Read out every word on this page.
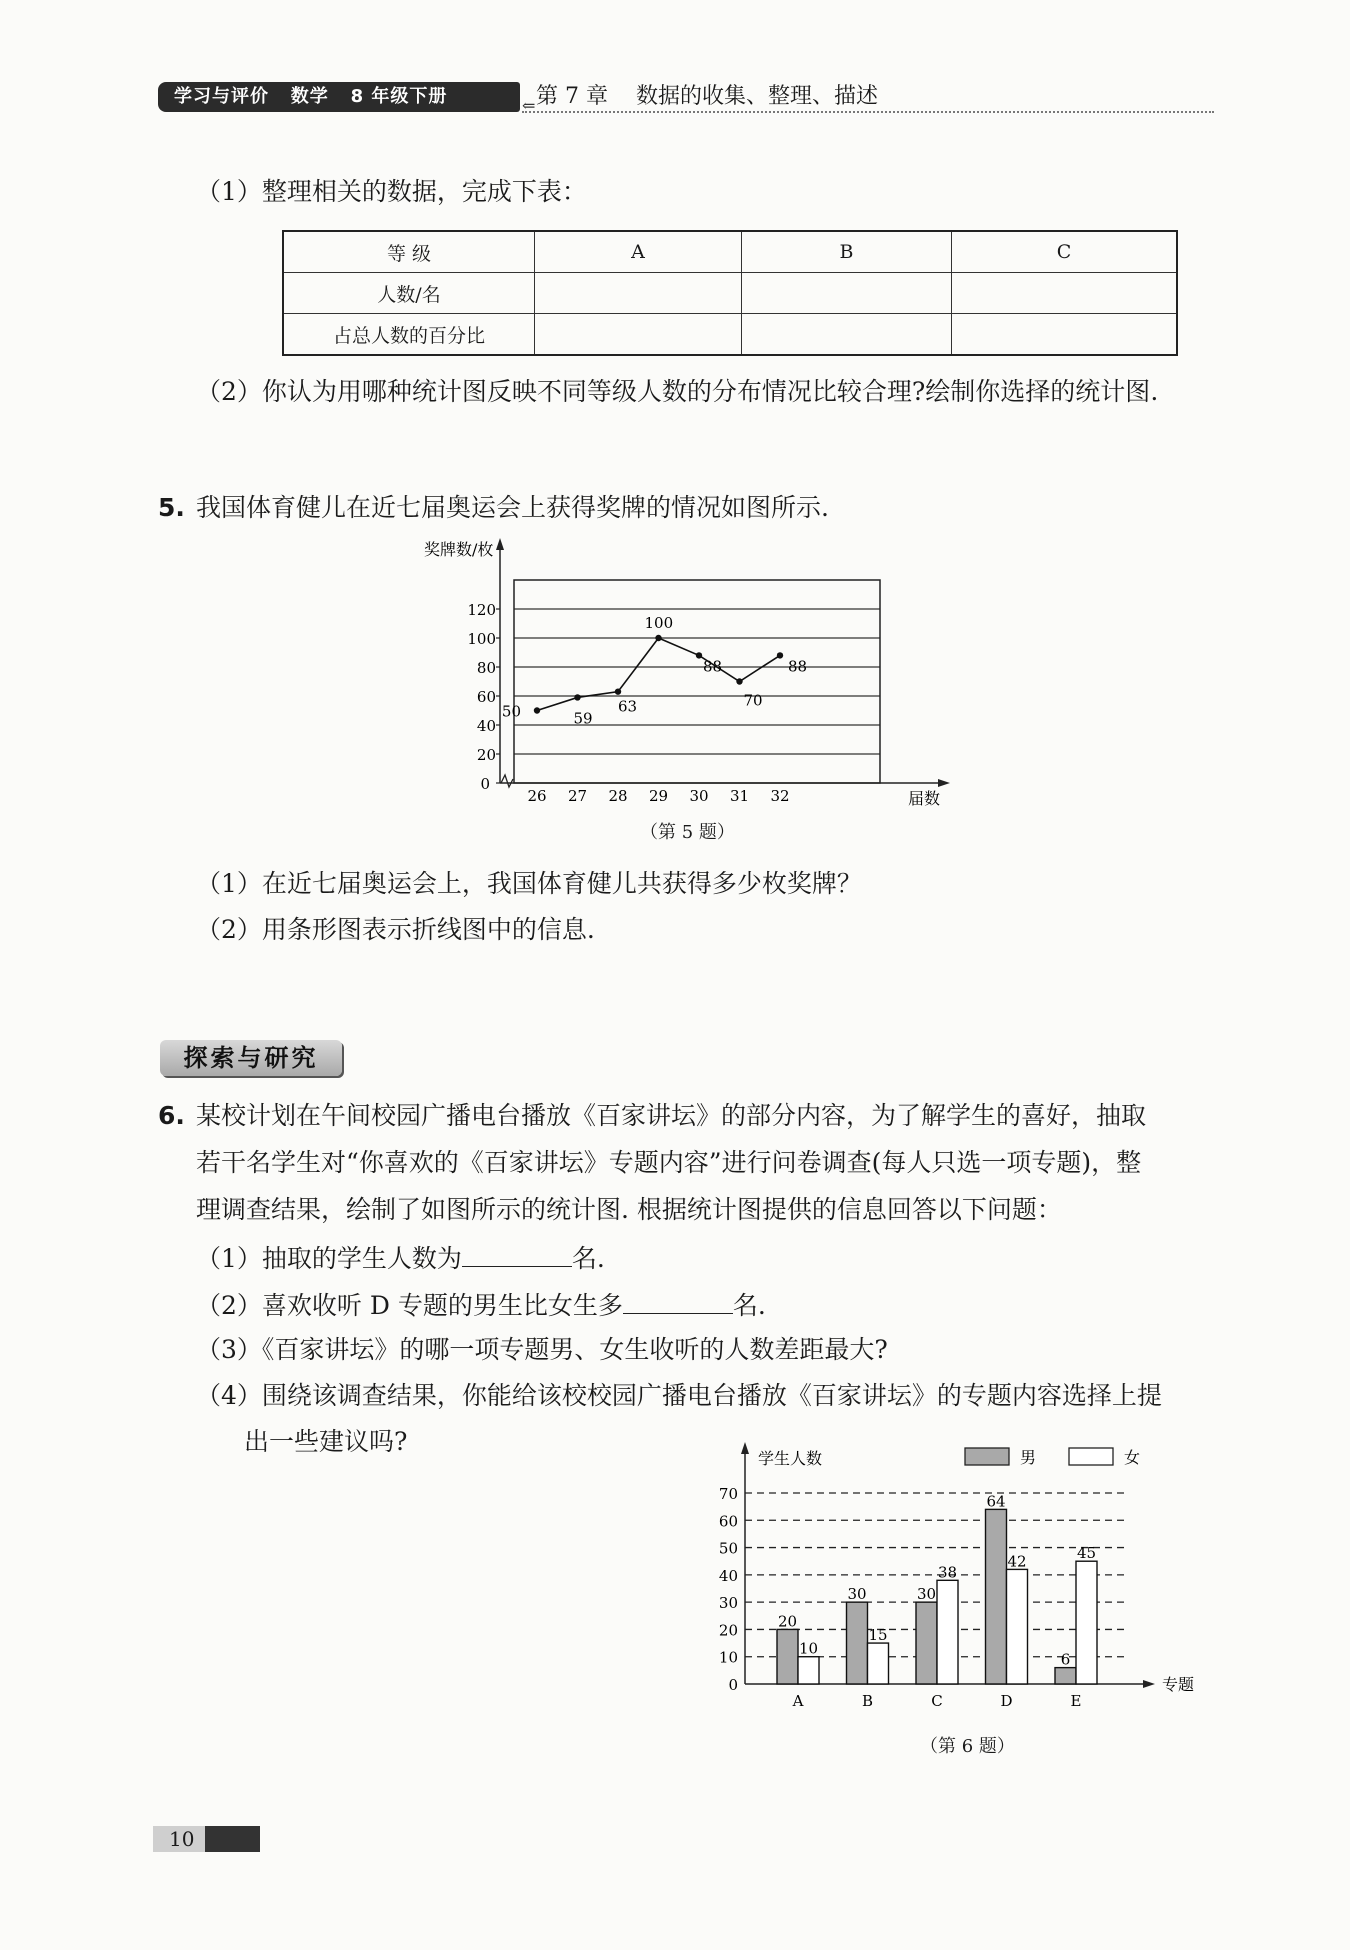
学习与评价   数学   8 年级下册	⇐ 第 7 章    数据的收集、整理、描述
（1）整理相关的数据，完成下表：
等 级	A	B	C
人数/名			
占总人数的百分比			
（2）你认为用哪种统计图反映不同等级人数的分布情况比较合理?绘制你选择的统计图.
5. 我国体育健儿在近七届奥运会上获得奖牌的情况如图所示.
奖牌数/枚
届数
0
20
40
60
80
100
120
26 27 28 29 30 31 32
50	59
63
100
88
70
88
（第 5 题）
（1）在近七届奥运会上，我国体育健儿共获得多少枚奖牌？
（2）用条形图表示折线图中的信息.
探索与研究
6. 某校计划在午间校园广播电台播放《百家讲坛》的部分内容，为了解学生的喜好，抽取
若干名学生对“你喜欢的《百家讲坛》专题内容”进行问卷调查(每人只选一项专题)，整
理调查结果，绘制了如图所示的统计图. 根据统计图提供的信息回答以下问题：
（1）抽取的学生人数为	名.
（2）喜欢收听 D 专题的男生比女生多	名.
（3）《百家讲坛》的哪一项专题男、女生收听的人数差距最大?
（4）围绕该调查结果，你能给该校校园广播电台播放《百家讲坛》的专题内容选择上提
出一些建议吗?
学生人数
专题
男	女
0
10
20
30
40
50
60
70
A	B	C	D	E
20
10
30
15
30
38
64
42
6
45
（第 6 题）
10
